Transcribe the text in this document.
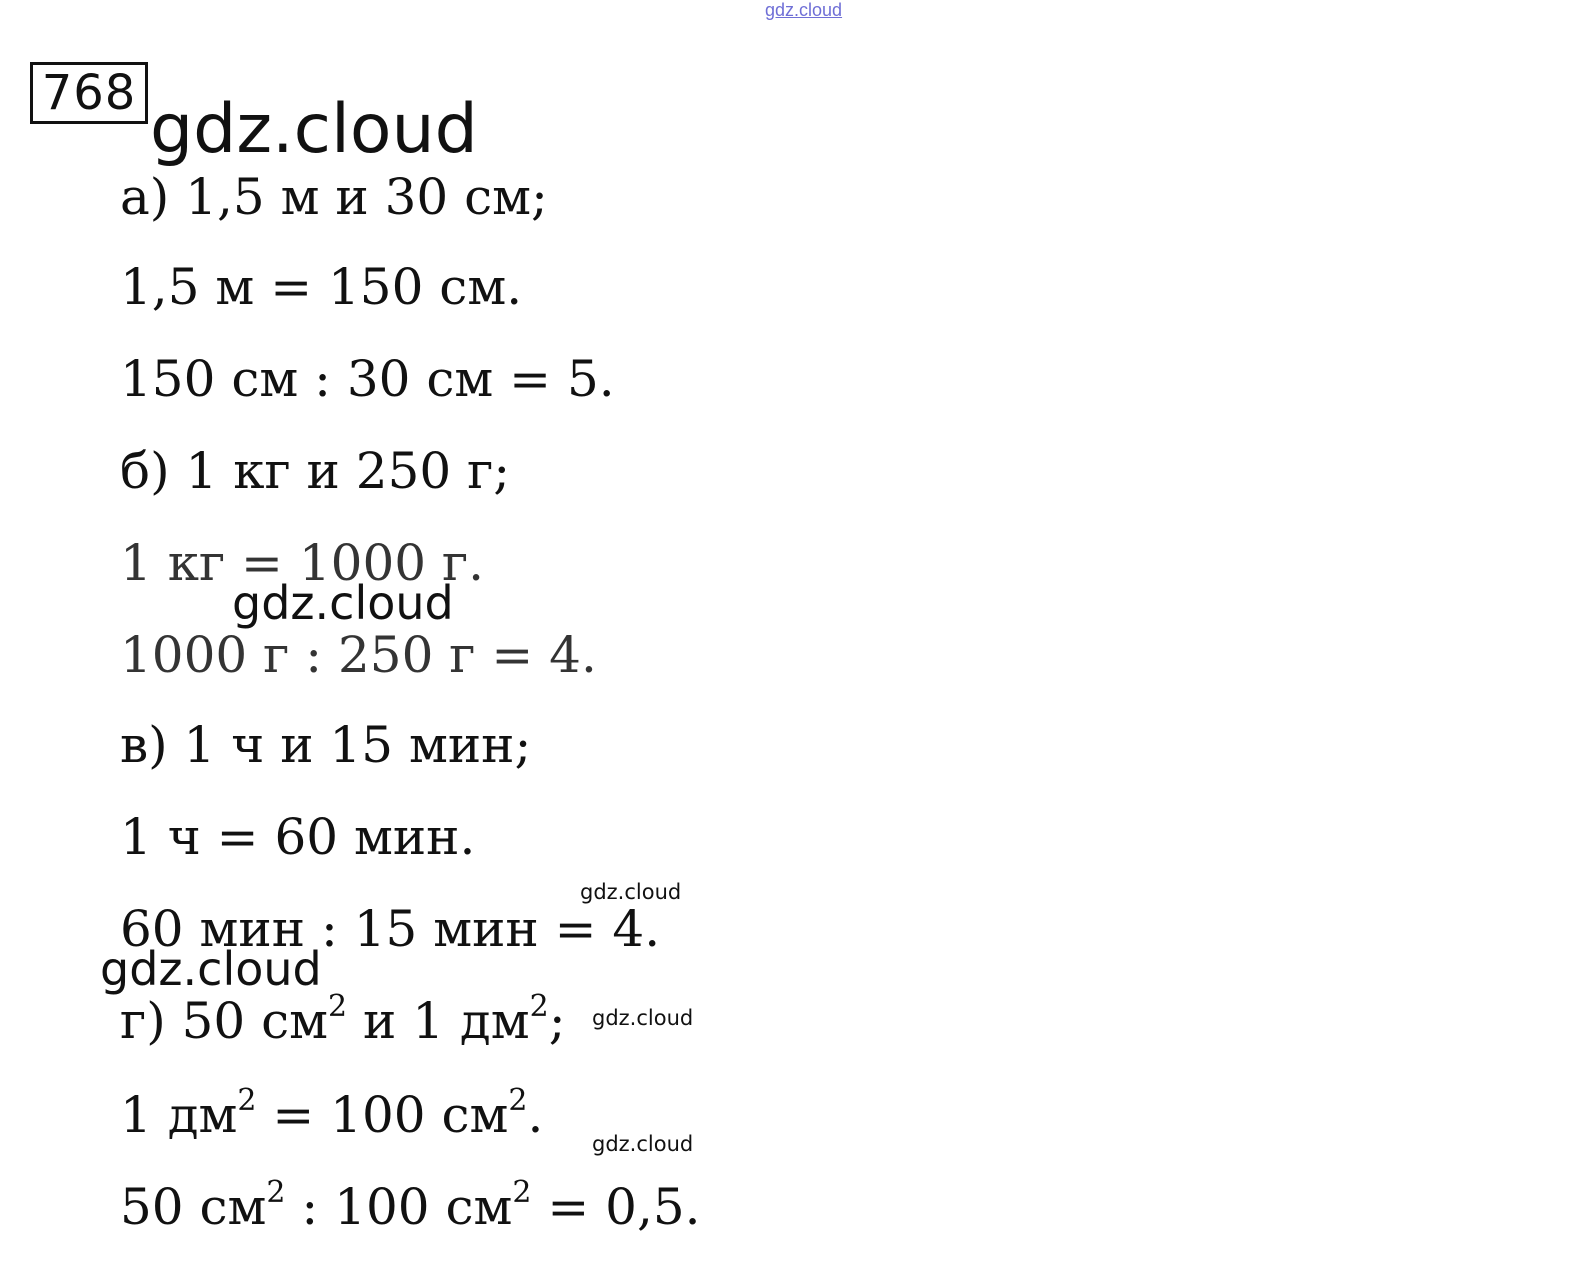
gdz.cloud
768 gdz.cloud
а) 1,5 м и 30 см;
1,5 м = 150 см.
150 см : 30 см = 5.
б) 1 кг и 250 г;
1 кг = 1000 г.
gdz.cloud
1000 г : 250 г = 4.
в) 1 ч и 15 мин;
1 ч = 60 мин.
gdz.cloud
60 мин : 15 мин = 4.
gdz.cloud
г) 50 $см^2$ и 1 $дм^2$; gdz.cloud
1 $дм^2 = 100$ $см^2$. gdz.cloud
50 $см^2$ : 100 $см^2 = 0,5$.
